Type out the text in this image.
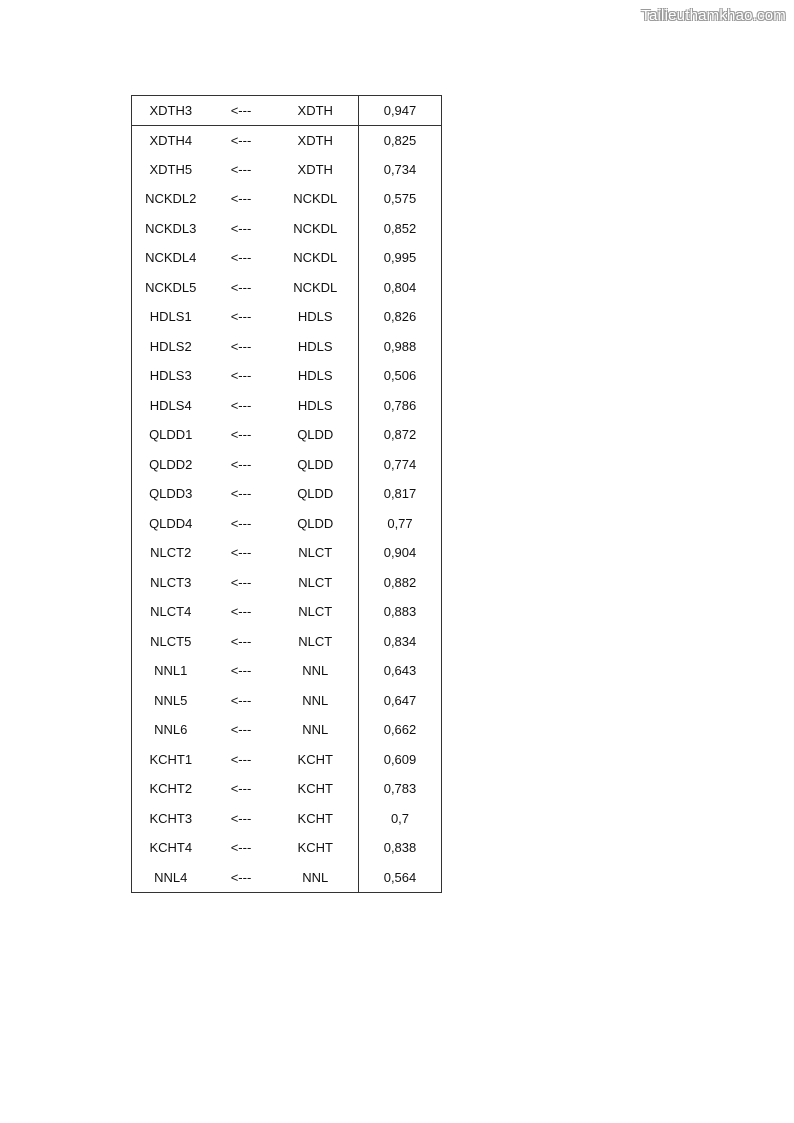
Tailieuthamkhao.com
XDTH3	<---	XDTH	0,947
XDTH4	<---	XDTH	0,825
XDTH5	<---	XDTH	0,734
NCKDL2	<---	NCKDL	0,575
NCKDL3	<---	NCKDL	0,852
NCKDL4	<---	NCKDL	0,995
NCKDL5	<---	NCKDL	0,804
HDLS1	<---	HDLS	0,826
HDLS2	<---	HDLS	0,988
HDLS3	<---	HDLS	0,506
HDLS4	<---	HDLS	0,786
QLDD1	<---	QLDD	0,872
QLDD2	<---	QLDD	0,774
QLDD3	<---	QLDD	0,817
QLDD4	<---	QLDD	0,77
NLCT2	<---	NLCT	0,904
NLCT3	<---	NLCT	0,882
NLCT4	<---	NLCT	0,883
NLCT5	<---	NLCT	0,834
NNL1	<---	NNL	0,643
NNL5	<---	NNL	0,647
NNL6	<---	NNL	0,662
KCHT1	<---	KCHT	0,609
KCHT2	<---	KCHT	0,783
KCHT3	<---	KCHT	0,7
KCHT4	<---	KCHT	0,838
NNL4	<---	NNL	0,564
